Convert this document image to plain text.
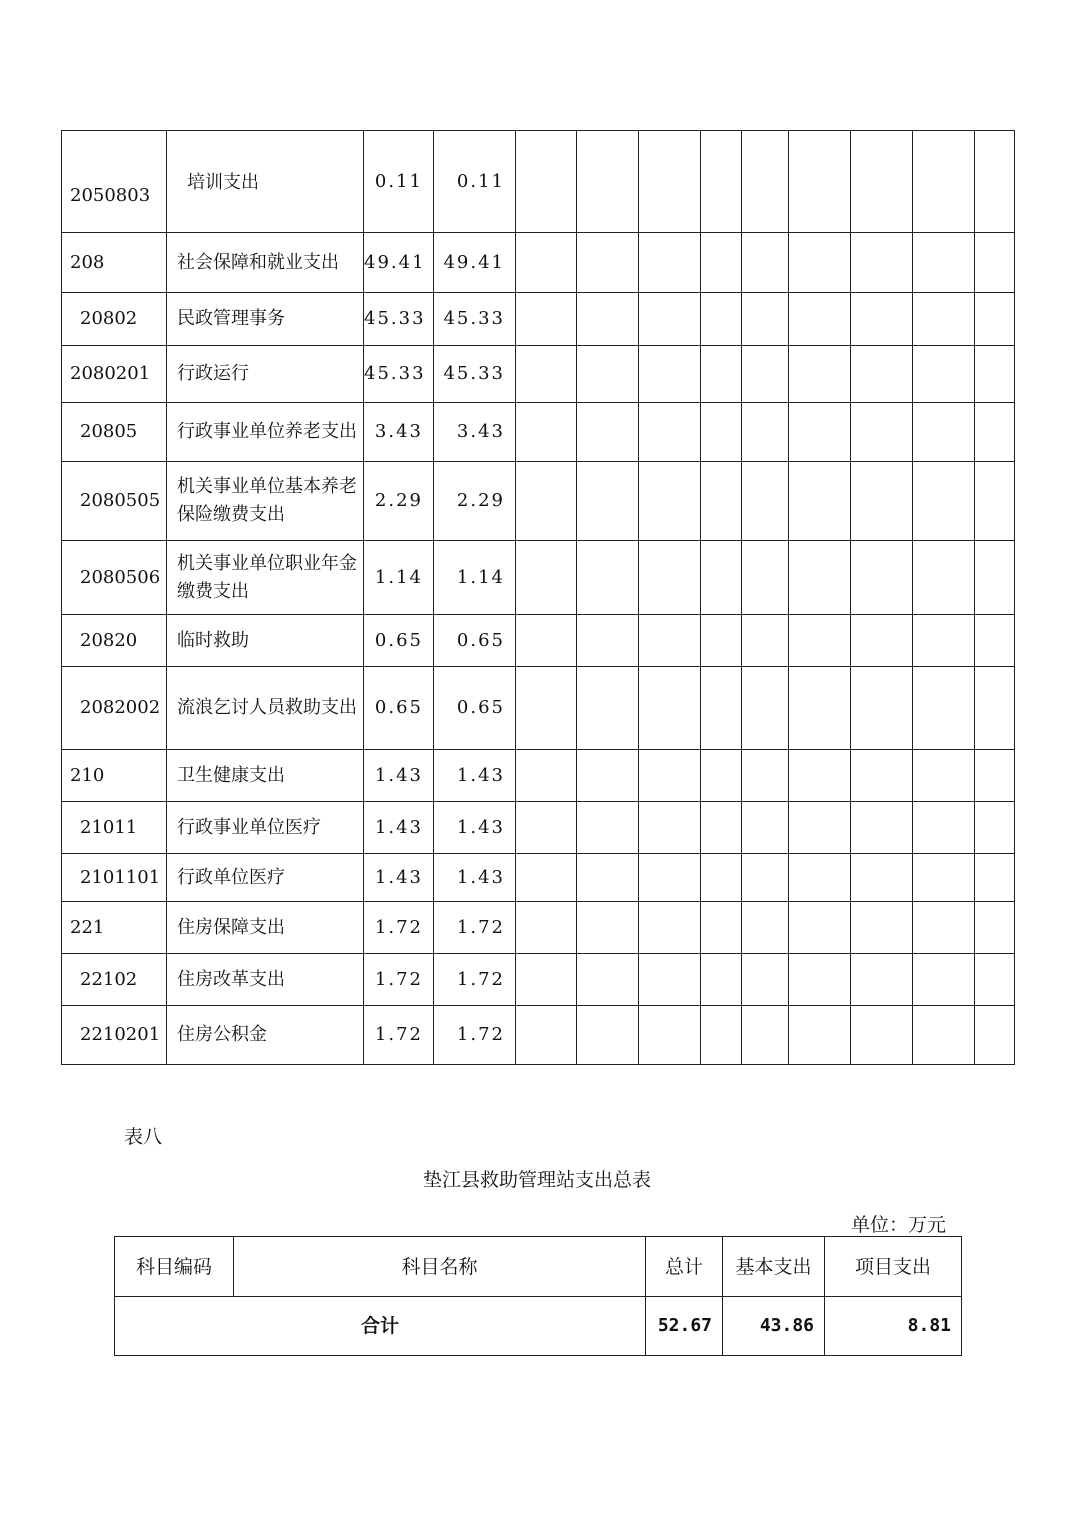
2050803	培训支出	0.11	0.11									
208	社会保障和就业支出	49.41	49.41									
20802	民政管理事务	45.33	45.33									
2080201	行政运行	45.33	45.33									
20805	行政事业单位养老支出	3.43	3.43									
2080505	机关事业单位基本养老保险缴费支出	2.29	2.29									
2080506	机关事业单位职业年金缴费支出	1.14	1.14									
20820	临时救助	0.65	0.65									
2082002	流浪乞讨人员救助支出	0.65	0.65									
210	卫生健康支出	1.43	1.43									
21011	行政事业单位医疗	1.43	1.43									
2101101	行政单位医疗	1.43	1.43									
221	住房保障支出	1.72	1.72									
22102	住房改革支出	1.72	1.72									
2210201	住房公积金	1.72	1.72									
表八
垫江县救助管理站支出总表
单位：万元
科目编码	科目名称	总计	基本支出	项目支出
合计		52.67	43.86	8.81
